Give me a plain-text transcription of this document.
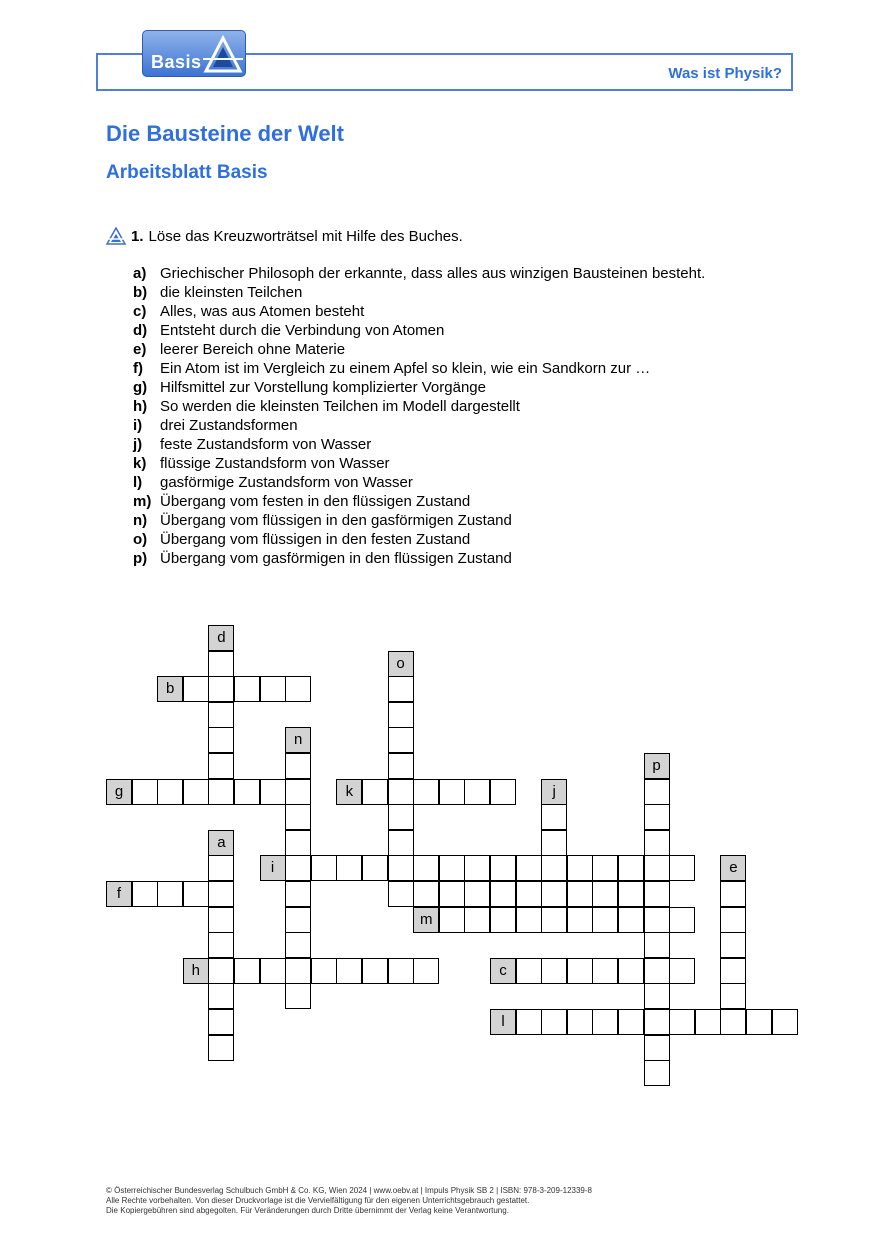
Basis
Was ist Physik?
Die Bausteine der Welt
Arbeitsblatt Basis
1. Löse das Kreuzworträtsel mit Hilfe des Buches.
a) Griechischer Philosoph der erkannte, dass alles aus winzigen Bausteinen besteht.
b) die kleinsten Teilchen
c) Alles, was aus Atomen besteht
d) Entsteht durch die Verbindung von Atomen
e) leerer Bereich ohne Materie
f)	Ein Atom ist im Vergleich zu einem Apfel so klein, wie ein Sandkorn zur …
g) Hilfsmittel zur Vorstellung komplizierter Vorgänge
h) So werden die kleinsten Teilchen im Modell dargestellt
i)	drei Zustandsformen
j)	feste Zustandsform von Wasser
k) flüssige Zustandsform von Wasser
l)	gasförmige Zustandsform von Wasser
m) Übergang vom festen in den flüssigen Zustand
n) Übergang vom flüssigen in den gasförmigen Zustand
o) Übergang vom flüssigen in den festen Zustand
p) Übergang vom gasförmigen in den flüssigen Zustand
d
o
b
n
p
g	k	j
a
i	e
f
m
h	c
l
© Österreichischer Bundesverlag Schulbuch GmbH & Co. KG, Wien 2024 | www.oebv.at | Impuls Physik SB 2 | ISBN: 978-3-209-12339-8
Alle Rechte vorbehalten. Von dieser Druckvorlage ist die Vervielfältigung für den eigenen Unterrichtsgebrauch gestattet.
Die Kopiergebühren sind abgegolten. Für Veränderungen durch Dritte übernimmt der Verlag keine Verantwortung.
